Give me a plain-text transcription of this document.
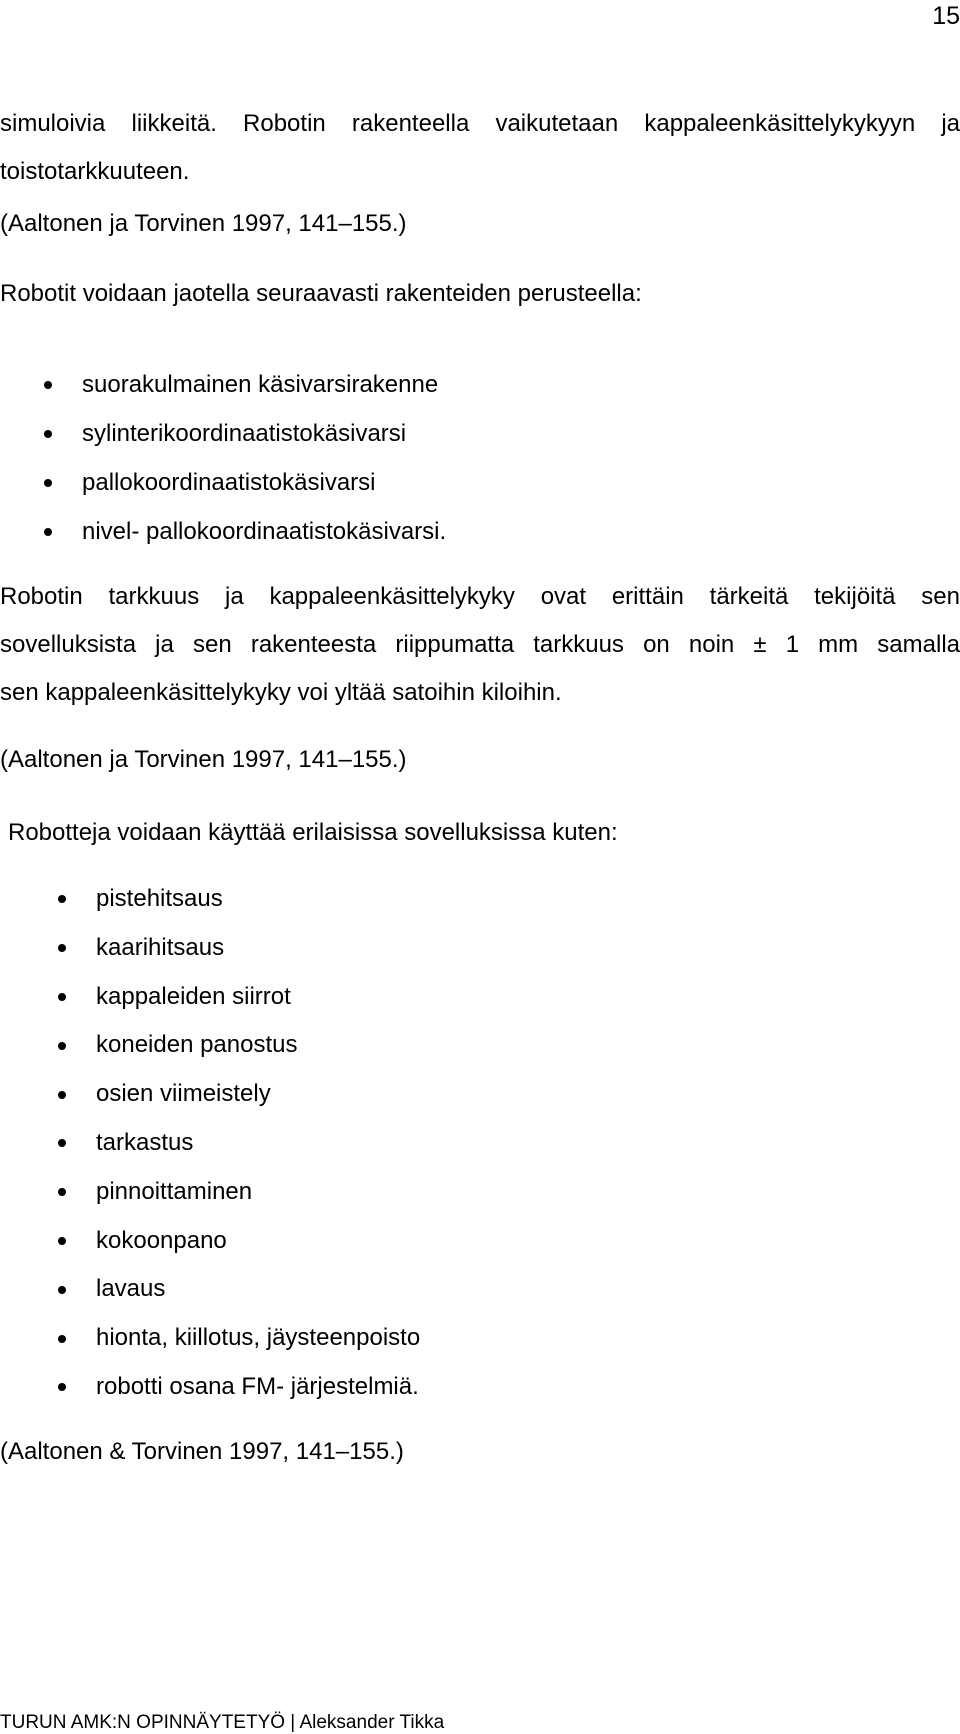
15
simuloivia liikkeitä. Robotin rakenteella vaikutetaan kappaleenkäsittelykykyyn ja
toistotarkkuuteen.
(Aaltonen ja Torvinen 1997, 141–155.)
Robotit voidaan jaotella seuraavasti rakenteiden perusteella:
suorakulmainen käsivarsirakenne
sylinterikoordinaatistokäsivarsi
pallokoordinaatistokäsivarsi
nivel- pallokoordinaatistokäsivarsi.
Robotin tarkkuus ja kappaleenkäsittelykyky ovat erittäin tärkeitä tekijöitä sen
sovelluksista ja sen rakenteesta riippumatta tarkkuus on noin ± 1 mm samalla
sen kappaleenkäsittelykyky voi yltää satoihin kiloihin.
(Aaltonen ja Torvinen 1997, 141–155.)
Robotteja voidaan käyttää erilaisissa sovelluksissa kuten:
pistehitsaus
kaarihitsaus
kappaleiden siirrot
koneiden panostus
osien viimeistely
tarkastus
pinnoittaminen
kokoonpano
lavaus
hionta, kiillotus, jäysteenpoisto
robotti osana FM- järjestelmiä.
(Aaltonen & Torvinen 1997, 141–155.)
TURUN AMK:N OPINNÄYTETYÖ | Aleksander Tikka
